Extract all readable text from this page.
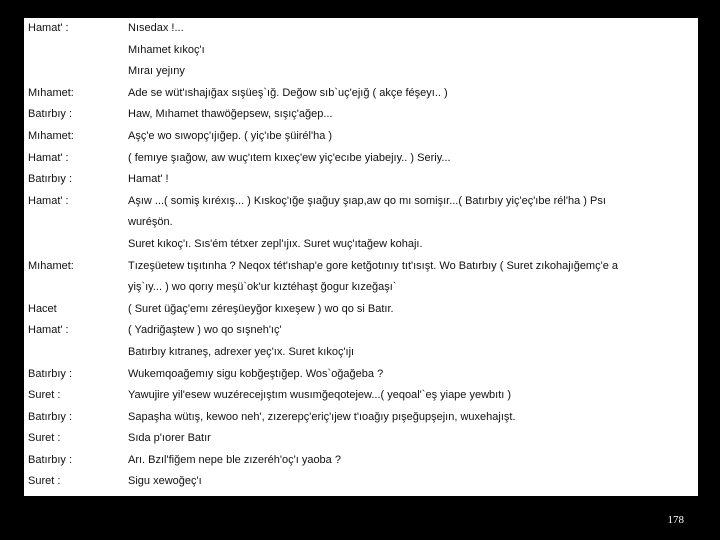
Hamat' :	Nısedax !...
Mıhamet kıkoç'ı
Mıraı yejıny
Mıhamet:	Ade se wüt'ıshajığax sışüeş`ığ. Değow sıb`uç'ejığ ( akçe féşeyı.. )
Batırbıy :	Haw, Mıhamet thawöğepsew, sışıç'ağep...
Mıhamet:	Aşç'e wo sıwopç'ıjığep. ( yiç'ıbe şüirél'ha )
Hamat' :	( femıye şıağow, aw wuç'ıtem kıxeç'ew yiç'ecıbe yiabejıy.. ) Seriy...
Batırbıy :	Hamat' !
Hamat' :	Aşıw ...( somiş kıréxış... ) Kıskoç'ığe şıağuy şıap,aw qo mı somişır...( Batırbıy yiç'eç'ıbe rél'ha ) Psı
wuréşön.
Suret kıkoç'ı. Sıs'ém tétxer zepl'ıjıx. Suret wuç'ıtağew kohajı.
Mıhamet:	Tızeşüetew tışıtınha ? Neqox tét'ıshap'e gore ketğotınıy tıt'ısışt. Wo Batırbıy ( Suret zıkohajığemç'e a
yiş`ıy... ) wo qorıy meşü`ok'ur kıztéhaşt ğogur kızeğaşı`
Hacet	( Suret üğaç'emı zéreşüeyğor kıxeşew ) wo qo si Batır.
Hamat' :	( Yadriğaştew ) wo qo sışneh'ıç'
Batırbıy kıtraneş, adrexer yeç'ıx. Suret kıkoç'ıjı
Batırbıy :	Wukemqoağemıy sigu kobğeştığep. Wos`oğağeba ?
Suret :	Yawujire yil'esew wuzérecejıştım wusımğeqotejew...( yeqoal'`eş yiape yewbıtı )
Batırbıy :	Sapaşha wütış, kewoo neh', zızerepç'eriç'ıjew t'ıoağıy pışeğupşejın, wuxehajışt.
Suret :	Sıda p'ıorer Batır
Batırbıy :	Arı. Bzıl'fiğem nepe ble zızeréh'oç'ı yaoba ?
Suret :	Sigu xewoğeç'ı
178
